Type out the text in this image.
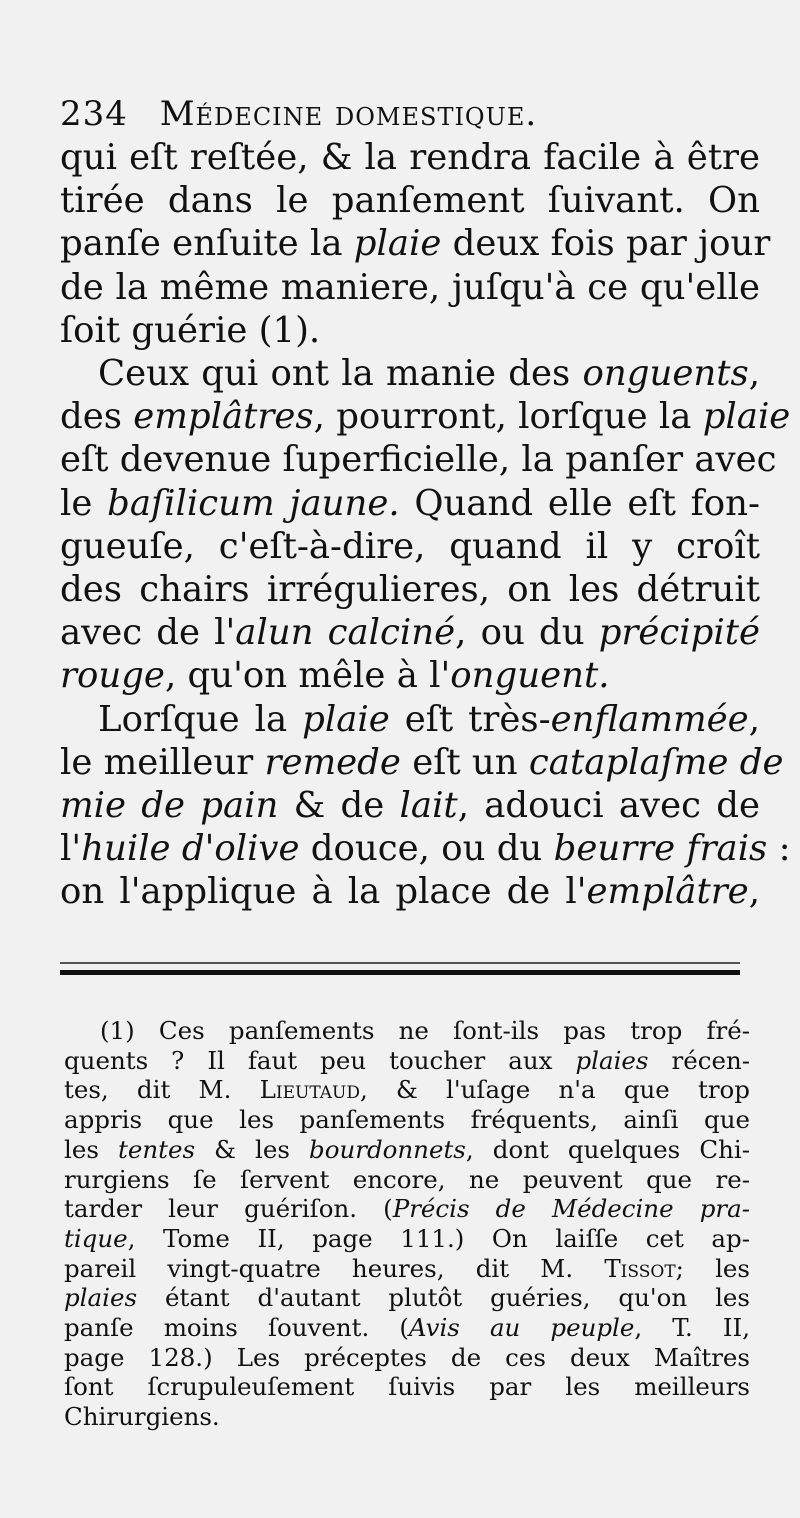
234 Médecine domestique.
qui eſt reſtée, & la rendra facile à être
tirée dans le panſement ſuivant. On
panſe enſuite la plaie deux fois par jour
de la même maniere, juſqu'à ce qu'elle
ſoit guérie (1).
Ceux qui ont la manie des onguents,
des emplâtres, pourront, lorſque la plaie
eſt devenue ſuperficielle, la panſer avec
le baſilicum jaune. Quand elle eſt fon-
gueuſe, c'eſt-à-dire, quand il y croît
des chairs irrégulieres, on les détruit
avec de l'alun calciné, ou du précipité
rouge, qu'on mêle à l'onguent.
Lorſque la plaie eſt très-enflammée,
le meilleur remede eſt un cataplaſme de
mie de pain & de lait, adouci avec de
l'huile d'olive douce, ou du beurre frais :
on l'applique à la place de l'emplâtre,
(1) Ces panſements ne ſont-ils pas trop fré-
quents ? Il faut peu toucher aux plaies récen-
tes, dit M. Lieutaud, & l'uſage n'a que trop
appris que les panſements fréquents, ainſi que
les tentes & les bourdonnets, dont quelques Chi-
rurgiens ſe ſervent encore, ne peuvent que re-
tarder leur guériſon. (Précis de Médecine pra-
tique, Tome II, page 111.) On laiſſe cet ap-
pareil vingt-quatre heures, dit M. Tissot; les
plaies étant d'autant plutôt guéries, qu'on les
panſe moins ſouvent. (Avis au peuple, T. II,
page 128.) Les préceptes de ces deux Maîtres
ſont ſcrupuleuſement ſuivis par les meilleurs
Chirurgiens.
